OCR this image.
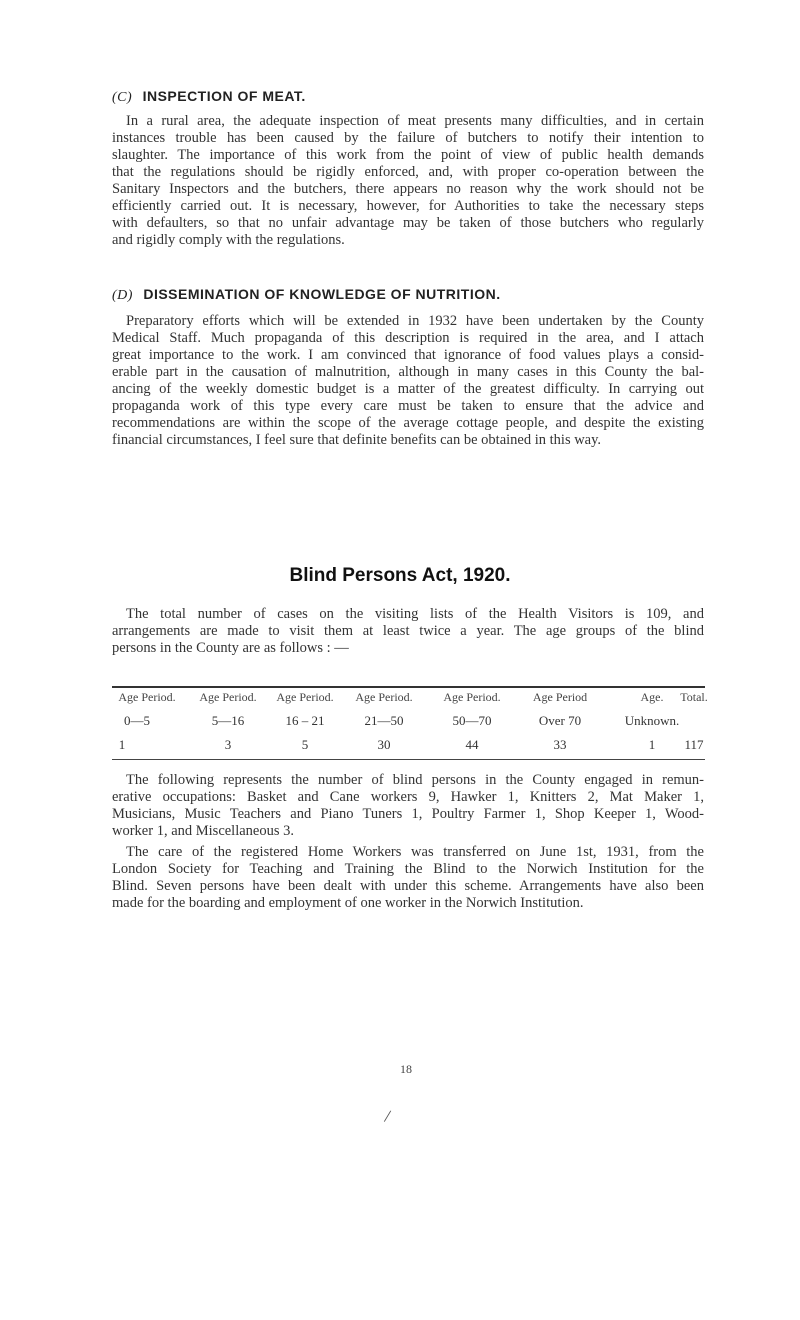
(C) INSPECTION OF MEAT.
In a rural area, the adequate inspection of meat presents many difficulties, and in certain
instances trouble has been caused by the failure of butchers to notify their intention to
slaughter. The importance of this work from the point of view of public health demands
that the regulations should be rigidly enforced, and, with proper co-operation between the
Sanitary Inspectors and the butchers, there appears no reason why the work should not be
efficiently carried out. It is necessary, however, for Authorities to take the necessary steps
with defaulters, so that no unfair advantage may be taken of those butchers who regularly
and rigidly comply with the regulations.
(D) DISSEMINATION OF KNOWLEDGE OF NUTRITION.
Preparatory efforts which will be extended in 1932 have been undertaken by the County
Medical Staff. Much propaganda of this description is required in the area, and I attach
great importance to the work. I am convinced that ignorance of food values plays a consid-
erable part in the causation of malnutrition, although in many cases in this County the bal-
ancing of the weekly domestic budget is a matter of the greatest difficulty. In carrying out
propaganda work of this type every care must be taken to ensure that the advice and
recommendations are within the scope of the average cottage people, and despite the existing
financial circumstances, I feel sure that definite benefits can be obtained in this way.
Blind Persons Act, 1920.
The total number of cases on the visiting lists of the Health Visitors is 109, and
arrangements are made to visit them at least twice a year. The age groups of the blind
persons in the County are as follows : —
Age Period.	Age Period.	Age Period.	Age Period.	Age Period.	Age Period	Age.	Total.
0—5	5—16	16 – 21	21—50	50—70	Over 70	Unknown.
1	3	5	30	44	33	1	117
The following represents the number of blind persons in the County engaged in remun-
erative occupations: Basket and Cane workers 9, Hawker 1, Knitters 2, Mat Maker 1,
Musicians, Music Teachers and Piano Tuners 1, Poultry Farmer 1, Shop Keeper 1, Wood-
worker 1, and Miscellaneous 3.
The care of the registered Home Workers was transferred on June 1st, 1931, from the
London Society for Teaching and Training the Blind to the Norwich Institution for the
Blind. Seven persons have been dealt with under this scheme. Arrangements have also been
made for the boarding and employment of one worker in the Norwich Institution.
18
/
